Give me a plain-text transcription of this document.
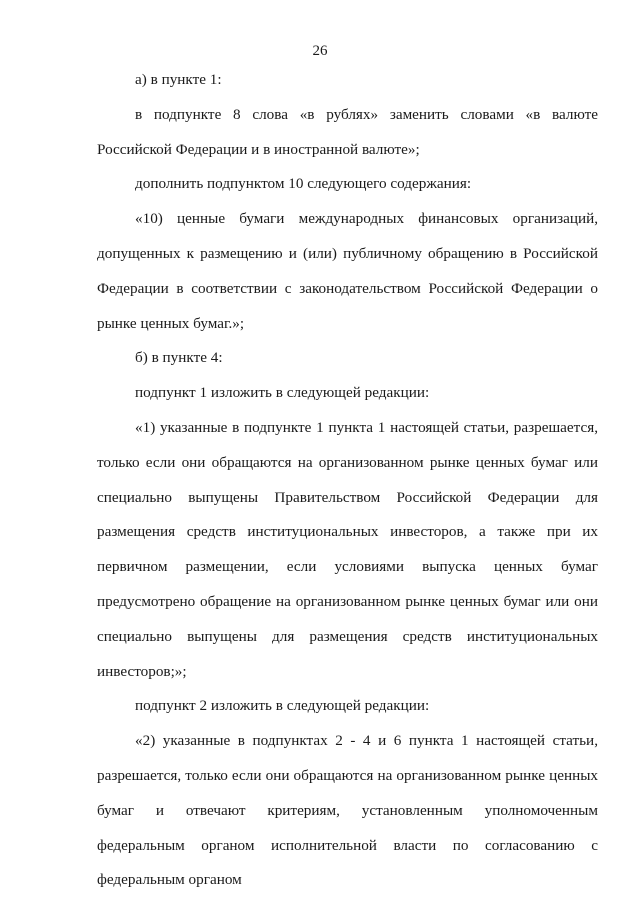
26

а) в пункте 1:

в подпункте 8 слова «в рублях» заменить словами «в валюте Российской Федерации и в иностранной валюте»;

дополнить подпунктом 10 следующего содержания:

«10) ценные бумаги международных финансовых организаций, допущенных к размещению и (или) публичному обращению в Российской Федерации в соответствии с законодательством Российской Федерации о рынке ценных бумаг.»;

б) в пункте 4:

подпункт 1 изложить в следующей редакции:

«1) указанные в подпункте 1 пункта 1 настоящей статьи, разрешается, только если они обращаются на организованном рынке ценных бумаг или специально выпущены Правительством Российской Федерации для размещения средств институциональных инвесторов, а также при их первичном размещении, если условиями выпуска ценных бумаг предусмотрено обращение на организованном рынке ценных бумаг или они специально выпущены для размещения средств институциональных инвесторов;»;

подпункт 2 изложить в следующей редакции:

«2) указанные в подпунктах 2 - 4 и 6 пункта 1 настоящей статьи, разрешается, только если они обращаются на организованном рынке ценных бумаг и отвечают критериям, установленным уполномоченным федеральным органом исполнительной власти по согласованию с федеральным органом
